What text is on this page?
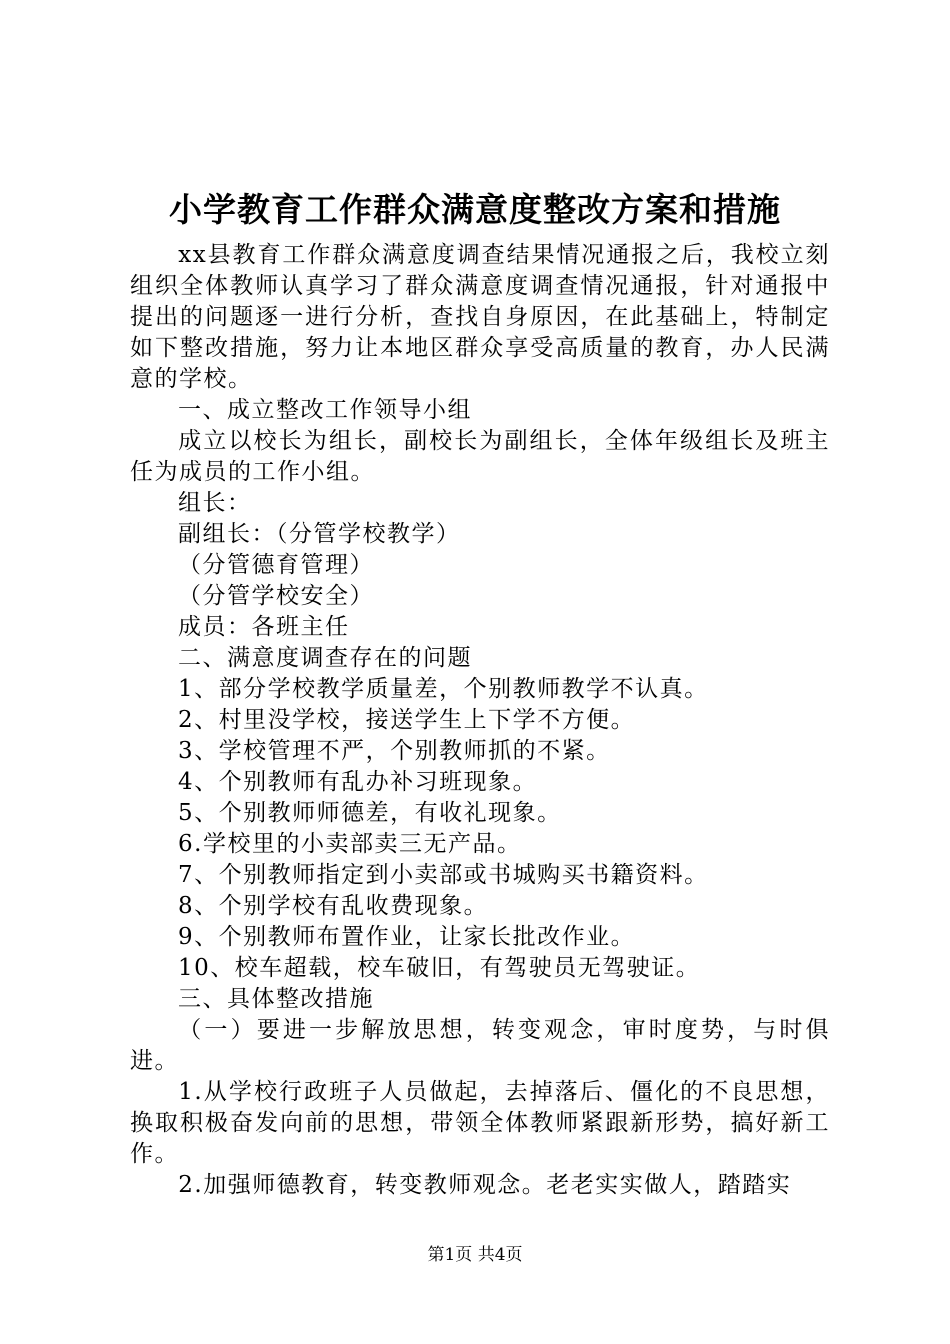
小学教育工作群众满意度整改方案和措施

xx县教育工作群众满意度调查结果情况通报之后，我校立刻组织全体教师认真学习了群众满意度调查情况通报，针对通报中提出的问题逐一进行分析，查找自身原因，在此基础上，特制定如下整改措施，努力让本地区群众享受高质量的教育，办人民满意的学校。

一、成立整改工作领导小组

成立以校长为组长，副校长为副组长，全体年级组长及班主任为成员的工作小组。

组长：

副组长：（分管学校教学）

（分管德育管理）

（分管学校安全）

成员：各班主任

二、满意度调查存在的问题

1、部分学校教学质量差，个别教师教学不认真。

2、村里没学校，接送学生上下学不方便。

3、学校管理不严，个别教师抓的不紧。

4、个别教师有乱办补习班现象。

5、个别教师师德差，有收礼现象。

6.学校里的小卖部卖三无产品。

7、个别教师指定到小卖部或书城购买书籍资料。

8、个别学校有乱收费现象。

9、个别教师布置作业，让家长批改作业。

10、校车超载，校车破旧，有驾驶员无驾驶证。

三、具体整改措施

（一）要进一步解放思想，转变观念，审时度势，与时俱进。

1.从学校行政班子人员做起，去掉落后、僵化的不良思想，换取积极奋发向前的思想，带领全体教师紧跟新形势，搞好新工作。

2.加强师德教育，转变教师观念。老老实实做人，踏踏实

第1页 共4页
